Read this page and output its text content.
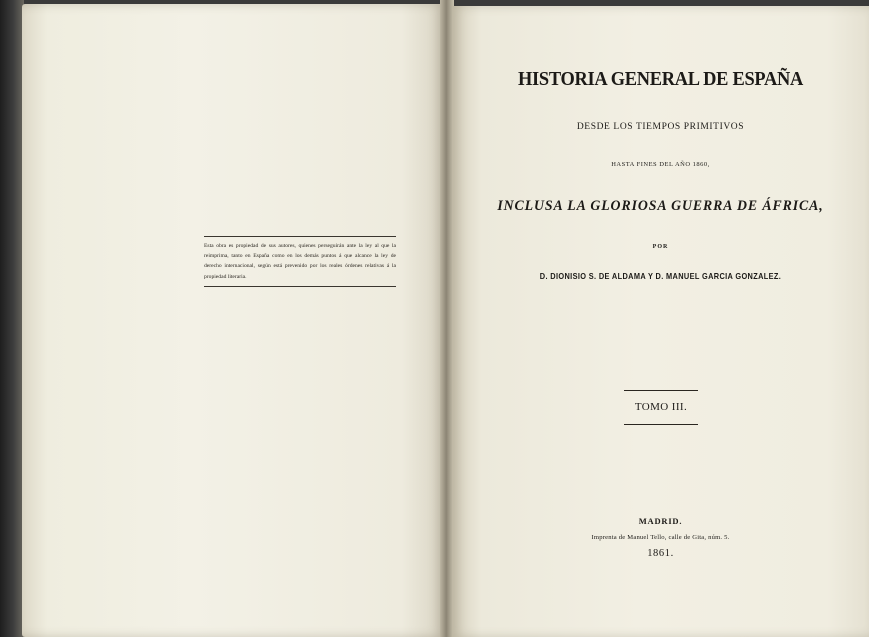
Esta obra es propiedad de sus autores, quienes perseguirán ante la ley al que la reimprima, tanto en España como en los demás puntos á que alcance la ley de derecho internacional, según está prevenido por los reales órdenes relativas á la propiedad literaria.

HISTORIA GENERAL DE ESPAÑA

DESDE LOS TIEMPOS PRIMITIVOS

HASTA FINES DEL AÑO 1860,

INCLUSA LA GLORIOSA GUERRA DE ÁFRICA,

POR

D. DIONISIO S. DE ALDAMA Y D. MANUEL GARCIA GONZALEZ.

TOMO III.

MADRID.

Imprenta de Manuel Tello, calle de Gita, núm. 5.

1861.
